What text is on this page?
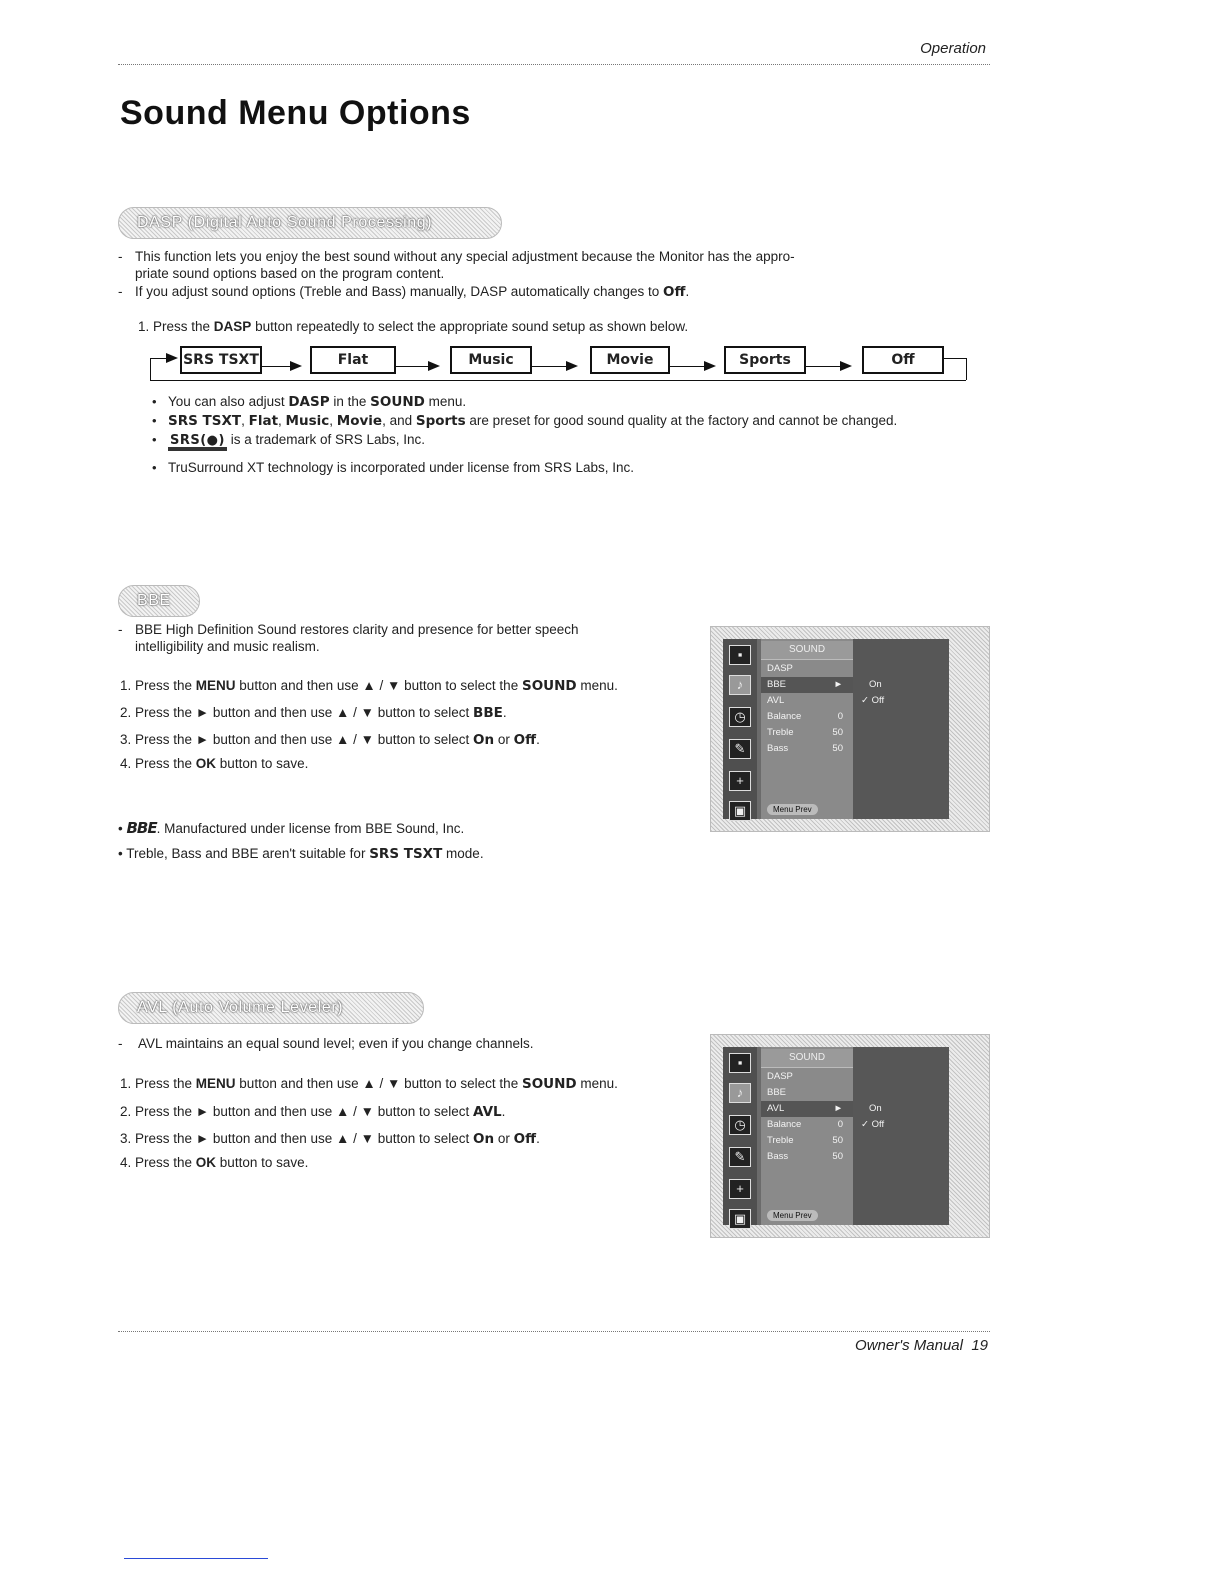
Operation
Sound Menu Options
DASP (Digital Auto Sound Processing)
- This function lets you enjoy the best sound without any special adjustment because the Monitor has the appro-
priate sound options based on the program content.
- If you adjust sound options (Treble and Bass) manually, DASP automatically changes to Off.
1. Press the DASP button repeatedly to select the appropriate sound setup as shown below.
SRS TSXT	Flat	Music	Movie	Sports	Off
• You can also adjust DASP in the SOUND menu.
• SRS TSXT, Flat, Music, Movie, and Sports are preset for good sound quality at the factory and cannot be changed.
• SRS(●) is a trademark of SRS Labs, Inc.
• TruSurround XT technology is incorporated under license from SRS Labs, Inc.
BBE
- BBE High Definition Sound restores clarity and presence for better speech
intelligibility and music realism.
1. Press the MENU button and then use ▲ / ▼ button to select the SOUND menu.
2. Press the ► button and then use ▲ / ▼ button to select BBE.
3. Press the ► button and then use ▲ / ▼ button to select On or Off.
4. Press the OK button to save.
• BBE. Manufactured under license from BBE Sound, Inc.
• Treble, Bass and BBE aren't suitable for SRS TSXT mode.
▪
♪
◷
✎
+
▣
SOUND
DASP
BBE	►
AVL
Balance	0
Treble	50
Bass	50
On
✓ Off
Menu Prev
AVL (Auto Volume Leveler)
- AVL maintains an equal sound level; even if you change channels.
1. Press the MENU button and then use ▲ / ▼ button to select the SOUND menu.
2. Press the ► button and then use ▲ / ▼ button to select AVL.
3. Press the ► button and then use ▲ / ▼ button to select On or Off.
4. Press the OK button to save.
▪
♪
◷
✎
+
▣
SOUND
DASP
BBE
AVL	►
Balance	0
Treble	50
Bass	50
On
✓ Off
Menu Prev
Owner's Manual 19
